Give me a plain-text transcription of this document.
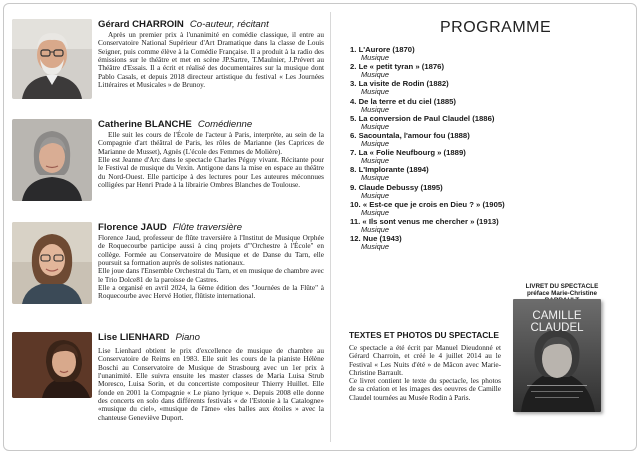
Gérard CHARROIN Co-auteur, récitant

Après un premier prix à l'unanimité en comédie classique, il entre au Conservatoire National Supérieur d'Art Dramatique dans la classe de Louis Seigner, puis comme élève à la Comédie Française. Il a produit à la radio des émissions sur le théâtre et met en scène JP.Sartre, T.Maulnier, J.Prévert au Théâtre d'Essais. Il a écrit et réalisé des documentaires sur la musique dont Pablo Casals, et depuis 2018 directeur artistique du festival « Les Journées Littéraires et Musicales » de Brunoy.

Catherine BLANCHE Comédienne

Elle suit les cours de l'École de l'acteur à Paris, interprète, au sein de la Compagnie d'art théâtral de Paris, les rôles de Marianne (les Caprices de Marianne de Musset), Agnès (L'école des Femmes de Molière).

Elle est Jeanne d'Arc dans le spectacle Charles Péguy vivant. Récitante pour le Festival de musique du Vexin. Antigone dans la mise en espace au théâtre du Nord-Ouest. Elle participe à des lectures pour Les auteures méconnues colligées par Henri Prade à la librairie Ombres Blanches de Toulouse.

Florence JAUD Flûte traversière

Florence Jaud, professeur de flûte traversière à l'Institut de Musique Orphée de Roquecourbe participe aussi à cinq projets d'"Orchestre à l'École" en collège. Formée au Conservatoire de Musique et de Danse du Tarn, elle poursuit sa formation auprès de solistes nationaux.

Elle joue dans l'Ensemble Orchestral du Tarn, et en musique de chambre avec le Trio Dolce81 de la paroisse de Castres.

Elle a organisé en avril 2024, la 6ème édition des "Journées de la Flûte" à Roquecourbe avec Hervé Hotier, flûtiste international.

Lise LIENHARD Piano

Lise Lienhard obtient le prix d'excellence de musique de chambre au Conservatoire de Reims en 1983. Elle suit les cours de la pianiste Hélène Boschi au Conservatoire de Musique de Strasbourg avec un 1er prix à l'unanimité. Elle suivra ensuite les master classes de Maria Luisa Strub Moresco, Luisa Sorin, et du concertiste compositeur Thierry Huillet. Elle fonde en 2001 la Compagnie « Le piano lyrique ». Depuis 2008 elle donne des concerts en solo dans différents festivals « de l'Estonie à la Catalogne» «musique du ciel», «musique de l'âme» «les balles aux étoiles » avec la chanteuse Geneviève Duport.

PROGRAMME
1. L'Aurore (1870)
Musique
2. Le « petit tyran » (1876)
Musique
3. La visite de Rodin (1882)
Musique
4. De la terre et du ciel (1885)
Musique
5. La conversion de Paul Claudel (1886)
Musique
6. Sacountala, l'amour fou (1888)
Musique
7. La « Folie Neufbourg » (1889)
Musique
8. L'Implorante (1894)
Musique
9. Claude Debussy (1895)
Musique
10. « Est-ce que je crois en Dieu ? » (1905)
Musique
11. « Ils sont venus me chercher » (1913)
Musique
12. Nue (1943)
Musique
LIVRET DU SPECTACLE
préface Marie-Christine
CAMILLE
CLAUDEL
TEXTES ET PHOTOS DU SPECTACLE

Ce spectacle a été écrit par Manuel Dieudonné et Gérard Charroin, et créé le 4 juillet 2014 au le Festival « Les Nuits d'été » de Mâcon avec Marie-Christine Barrault.

Ce livret contient le texte du spectacle, les photos de sa création et les images des oeuvres de Camille Claudel tournées au Musée Rodin à Paris.
